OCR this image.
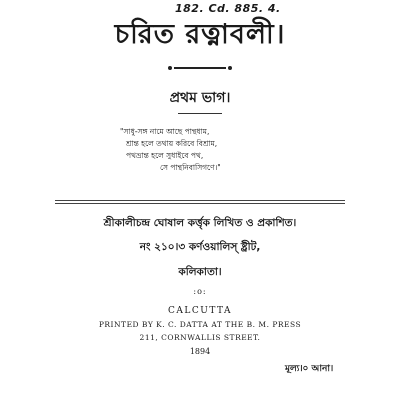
182. Cd. 885. 4.
চরিত রত্নাবলী।
প্রথম ভাগ।
"সাধু-সঙ্গ নামে আছে পান্থধাম,
শ্রান্ত হলে তথায় করিবে বিশ্রাম,
পথভ্রান্ত হলে সুধাইবে পথ,
সে পান্থনিবাসিগণে।"
শ্রীকালীচন্দ্র ঘোষাল কর্ত্তৃক লিখিত ও প্রকাশিত।
নং ২১০।৩ কর্ণওয়ালিস্ ষ্ট্রীট,
কলিকাতা।
:o:
CALCUTTA
PRINTED BY K. C. DATTA AT THE B. M. PRESS
211, CORNWALLIS STREET.
1894
মূল্য।০ আনা।
